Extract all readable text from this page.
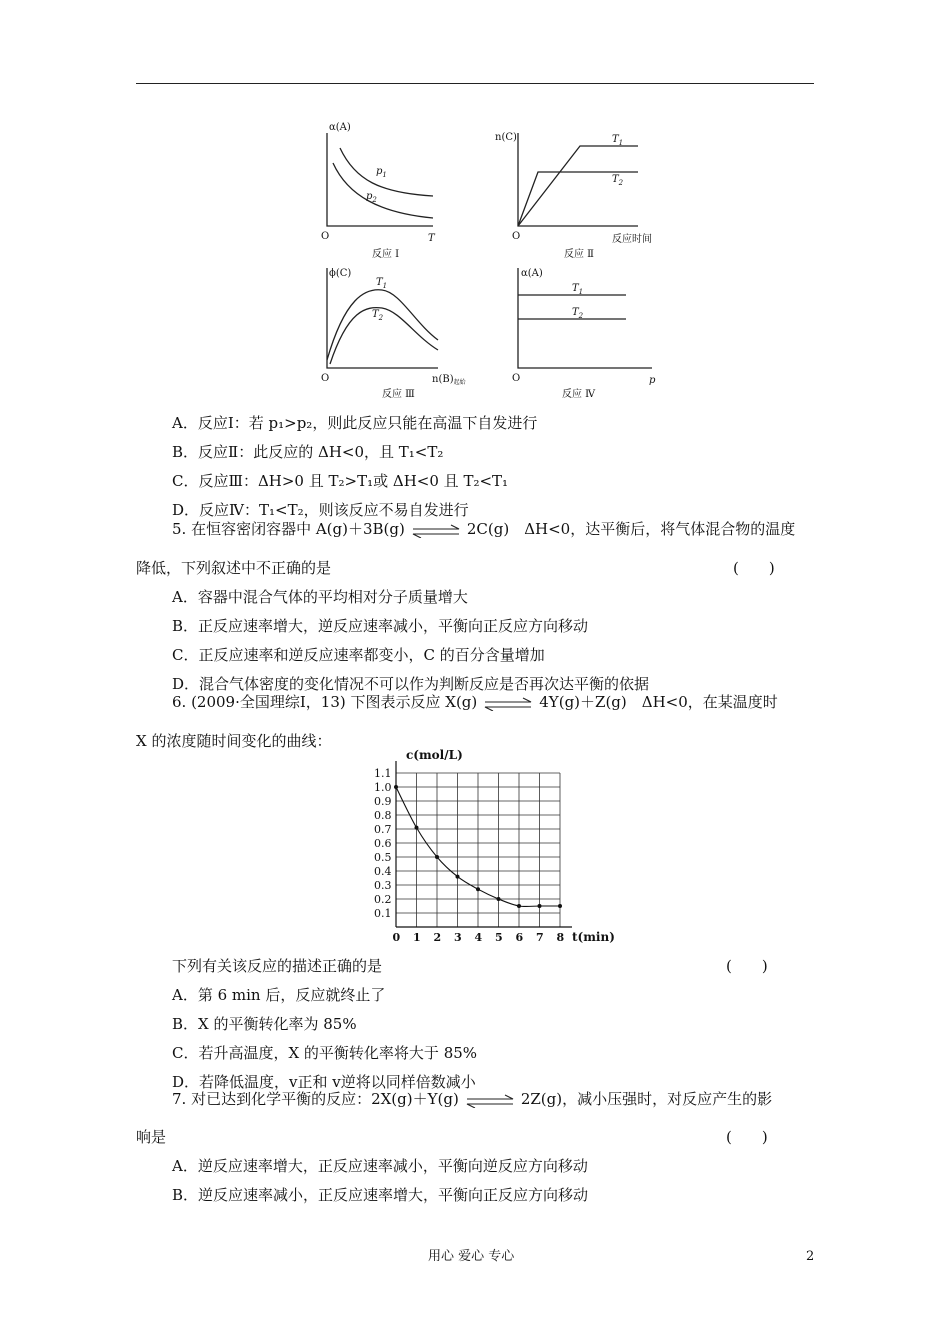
α(A)
O	T
$p_1$
$p_2$
反应 Ⅰ
n(C)
O	反应时间
$T_1$
$T_2$
反应 Ⅱ
ϕ(C)
O	$n(B)_{起始}$
$T_1$
$T_2$
反应 Ⅲ
α(A)
O	p
$T_1$
$T_2$
反应 Ⅳ
A．反应Ⅰ：若 p₁>p₂，则此反应只能在高温下自发进行
B．反应Ⅱ：此反应的 ΔH<0，且 T₁<T₂
C．反应Ⅲ：ΔH>0 且 T₂>T₁或 ΔH<0 且 T₂<T₁
D．反应Ⅳ：T₁<T₂，则该反应不易自发进行
5. 在恒容密闭容器中 A(g)＋3B(g)	2C(g)　ΔH<0，达平衡后，将气体混合物的温度
降低，下列叙述中不正确的是	(　　)
A．容器中混合气体的平均相对分子质量增大
B．正反应速率增大，逆反应速率减小，平衡向正反应方向移动
C．正反应速率和逆反应速率都变小，C 的百分含量增加
D．混合气体密度的变化情况不可以作为判断反应是否再次达平衡的依据
6. (2009·全国理综Ⅰ，13) 下图表示反应 X(g)	4Y(g)＋Z(g)　ΔH<0，在某温度时
X 的浓度随时间变化的曲线：
0.1
0.2
0.3
0.4
0.5
0.6
0.7
0.8
0.9
1.0
1.1
0 1 2 3 4 5 6 7 8
c(mol/L)
t(min)
下列有关该反应的描述正确的是	(　　)
A．第 6 min 后，反应就终止了
B．X 的平衡转化率为 85%
C．若升高温度，X 的平衡转化率将大于 85%
D．若降低温度，v正和 v逆将以同样倍数减小
7. 对已达到化学平衡的反应：2X(g)＋Y(g)	2Z(g)，减小压强时，对反应产生的影
响是	(　　)
A．逆反应速率增大，正反应速率减小，平衡向逆反应方向移动
B．逆反应速率减小，正反应速率增大，平衡向正反应方向移动
用心 爱心 专心	2
